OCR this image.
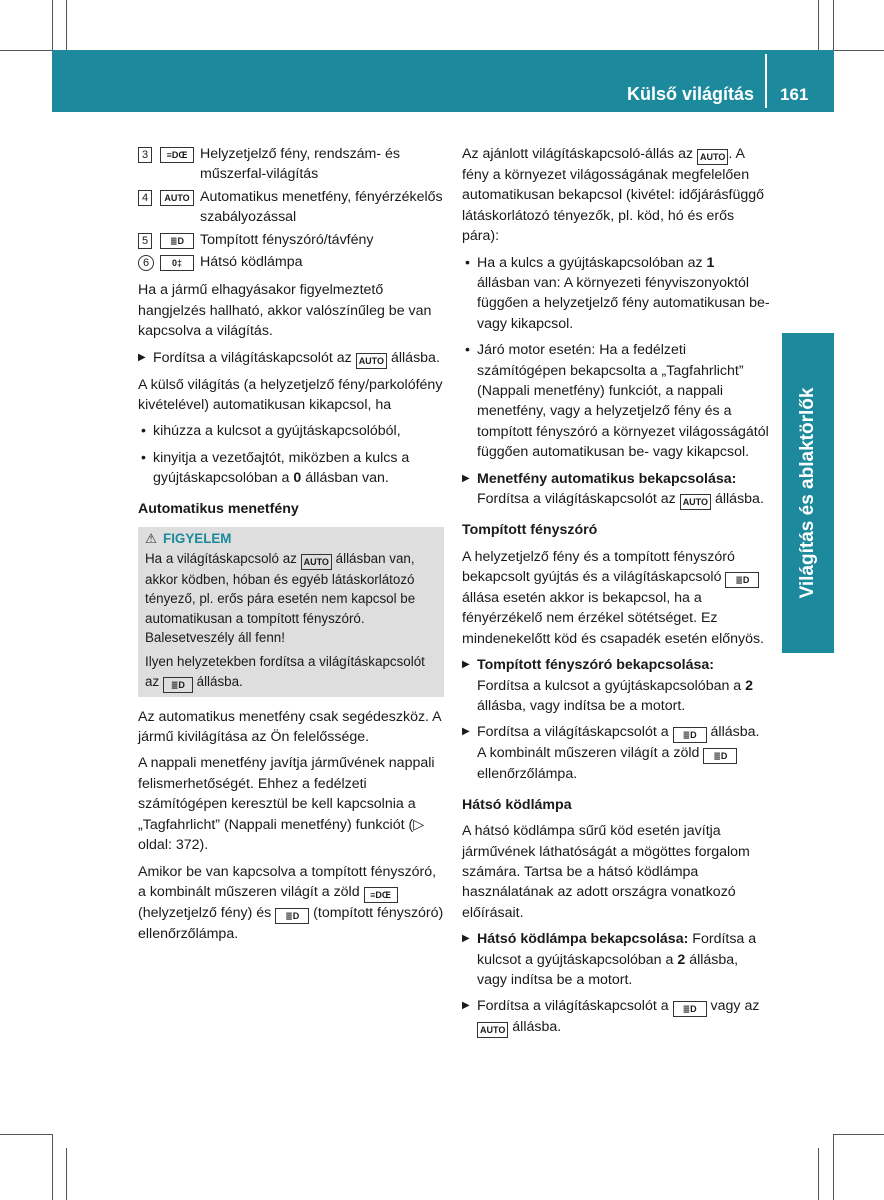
Külső világítás 161
Világítás és ablaktörlők
3	≡DŒ Helyzetjelző fény, rendszám- és műszerfal-világítás
4	AUTO Automatikus menetfény, fényérzékelős szabályozással
5	≣D	Tompított fényszóró/távfény
6	0‡	Hátsó ködlámpa

Ha a jármű elhagyásakor figyelmeztető hangjelzés hallható, akkor valószínűleg be van kapcsolva a világítás.

▶ Fordítsa a világításkapcsolót az AUTO állásba.

A külső világítás (a helyzetjelző fény/parkolófény kivételével) automatikusan kikapcsol, ha

• kihúzza a kulcsot a gyújtáskapcsolóból,
• kinyitja a vezetőajtót, miközben a kulcs a gyújtáskapcsolóban a 0 állásban van.
Automatikus menetfény
⚠ FIGYELEM

Ha a világításkapcsoló az AUTO állásban van, akkor ködben, hóban és egyéb látáskorlátozó tényező, pl. erős pára esetén nem kapcsol be automatikusan a tompított fényszóró. Balesetveszély áll fenn!

Ilyen helyzetekben fordítsa a világításkapcsolót az ≣D állásba.

Az automatikus menetfény csak segédeszköz. A jármű kivilágítása az Ön felelőssége.

A nappali menetfény javítja járművének nappali felismerhetőségét. Ehhez a fedélzeti számítógépen keresztül be kell kapcsolnia a „Tagfahrlicht” (Nappali menetfény) funkciót (▷ oldal: 372).

Amikor be van kapcsolva a tompított fényszóró, a kombinált műszeren világít a zöld ≡DŒ (helyzetjelző fény) és ≣D (tompított fényszóró) ellenőrzőlámpa.

Az ajánlott világításkapcsoló-állás az AUTO . A fény a környezet világosságának megfelelően automatikusan bekapcsol (kivétel: időjárásfüggő látáskorlátozó tényezők, pl. köd, hó és erős pára):

• Ha a kulcs a gyújtáskapcsolóban az 1 állásban van: A környezeti fényviszonyoktól függően a helyzetjelző fény automatikusan be- vagy kikapcsol.
• Járó motor esetén: Ha a fedélzeti számítógépen bekapcsolta a „Tagfahrlicht” (Nappali menetfény) funkciót, a nappali menetfény, vagy a helyzetjelző fény és a tompított fényszóró a környezet világosságától függően automatikusan be- vagy kikapcsol.
▶ Menetfény automatikus bekapcsolása: Fordítsa a világításkapcsolót az AUTO állásba.
Tompított fényszóró

A helyzetjelző fény és a tompított fényszóró bekapcsolt gyújtás és a világításkapcsoló ≣D állása esetén akkor is bekapcsol, ha a fényérzékelő nem érzékel sötétséget. Ez mindenekelőtt köd és csapadék esetén előnyös.

▶ Tompított fényszóró bekapcsolása: Fordítsa a kulcsot a gyújtáskapcsolóban a 2 állásba, vagy indítsa be a motort.
▶ Fordítsa a világításkapcsolót a ≣D állásba.
A kombinált műszeren világít a zöld ≣D ellenőrzőlámpa.
Hátsó ködlámpa

A hátsó ködlámpa sűrű köd esetén javítja járművének láthatóságát a mögöttes forgalom számára. Tartsa be a hátsó ködlámpa használatának az adott országra vonatkozó előírásait.

▶ Hátsó ködlámpa bekapcsolása: Fordítsa a kulcsot a gyújtáskapcsolóban a 2 állásba, vagy indítsa be a motort.
▶ Fordítsa a világításkapcsolót a ≣D vagy az AUTO állásba.
